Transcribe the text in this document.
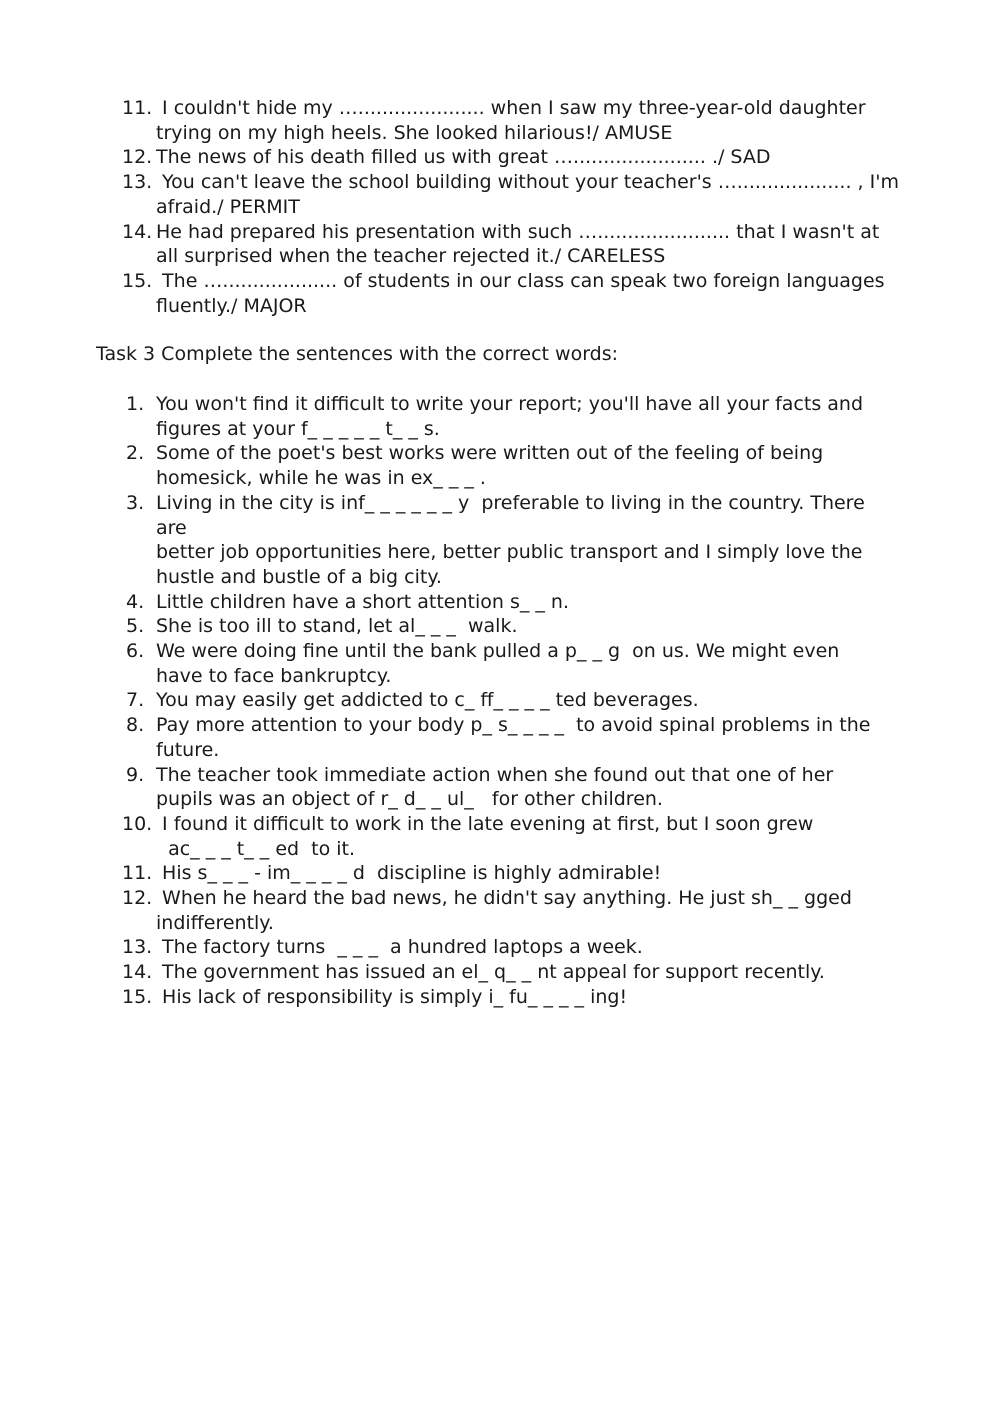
11. I couldn't hide my …..................... when I saw my three-year-old daughter
trying on my high heels. She looked hilarious!/ AMUSE
12. The news of his death filled us with great …...................... ./ SAD
13. You can't leave the school building without your teacher's …................... , I'm
afraid./ PERMIT
14. He had prepared his presentation with such …...................... that I wasn't at
all surprised when the teacher rejected it./ CARELESS
15. The …................... of students in our class can speak two foreign languages
fluently./ MAJOR
Task 3 Complete the sentences with the correct words:
1. You won't find it difficult to write your report; you'll have all your facts and
figures at your f_ _ _ _ _ t_ _ s.
2. Some of the poet's best works were written out of the feeling of being
homesick, while he was in ex_ _ _ .
3. Living in the city is inf_ _ _ _ _ _ y  preferable to living in the country. There are
better job opportunities here, better public transport and I simply love the
hustle and bustle of a big city.
4. Little children have a short attention s_ _ n.
5. She is too ill to stand, let al_ _ _  walk.
6. We were doing fine until the bank pulled a p_ _ g  on us. We might even
have to face bankruptcy.
7. You may easily get addicted to c_ ff_ _ _ _ ted beverages.
8. Pay more attention to your body p_ s_ _ _ _  to avoid spinal problems in the
future.
9. The teacher took immediate action when she found out that one of her
pupils was an object of r_ d_ _ ul_   for other children.
10. I found it difficult to work in the late evening at first, but I soon grew
ac_ _ _ t_ _ ed  to it.
11. His s_ _ _ - im_ _ _ _ d  discipline is highly admirable!
12. When he heard the bad news, he didn't say anything. He just sh_ _ gged
indifferently.
13. The factory turns  _ _ _  a hundred laptops a week.
14. The government has issued an el_ q_ _ nt appeal for support recently.
15. His lack of responsibility is simply i_ fu_ _ _ _ ing!
